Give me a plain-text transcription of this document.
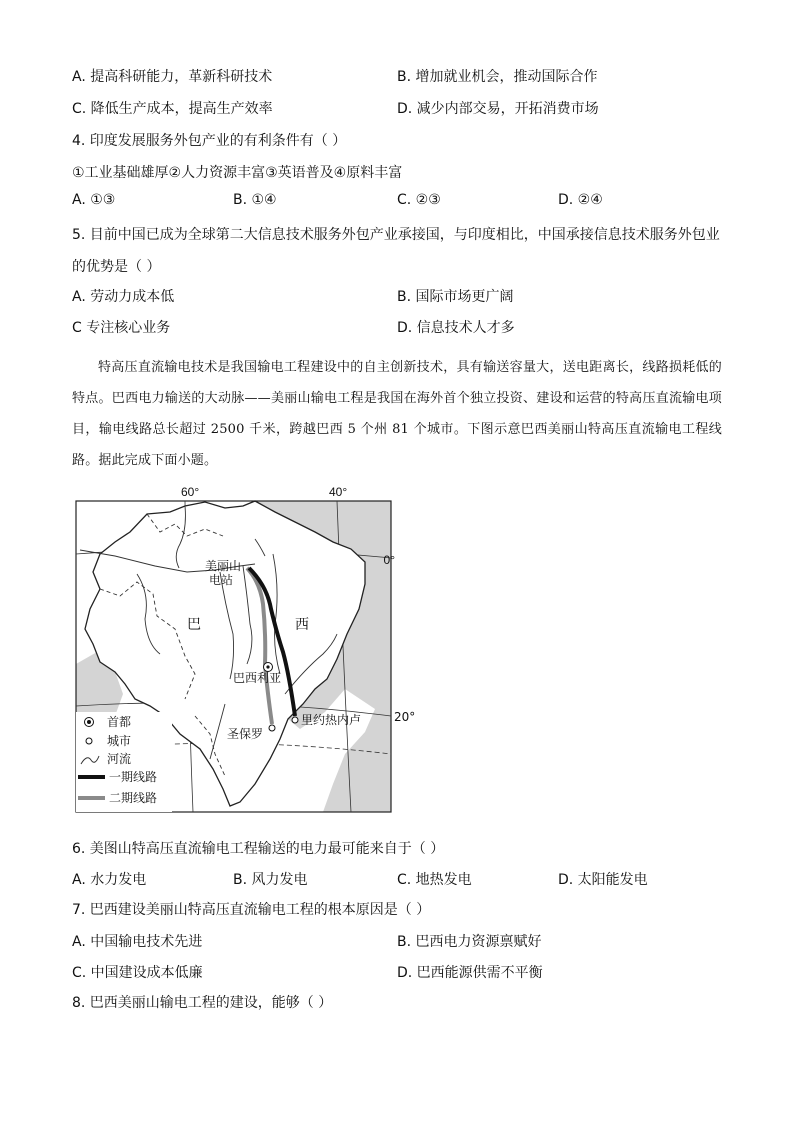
A. 提高科研能力，革新科研技术	B. 增加就业机会，推动国际合作
C. 降低生产成本，提高生产效率	D. 减少内部交易，开拓消费市场
4. 印度发展服务外包产业的有利条件有（ ）
①工业基础雄厚②人力资源丰富③英语普及④原料丰富
A. ①③	B. ①④	C. ②③	D. ②④
5. 目前中国已成为全球第二大信息技术服务外包产业承接国，与印度相比，中国承接信息技术服务外包业
的优势是（ ）
A. 劳动力成本低	B. 国际市场更广阔
C 专注核心业务	D. 信息技术人才多

特高压直流输电技术是我国输电工程建设中的自主创新技术，具有输送容量大，送电距离长，线路损耗低的特点。巴西电力输送的大动脉——美丽山输电工程是我国在海外首个独立投资、建设和运营的特高压直流输电项目，输电线路总长超过 2500 千米，跨越巴西 5 个州 81 个城市。下图示意巴西美丽山特高压直流输电工程线路。据此完成下面小题。

60°	40°
0°
美丽山
电站
巴	西
巴西利亚
圣保罗
里约热内卢
首都
城市
河流
一期线路
二期线路
20°
6. 美图山特高压直流输电工程输送的电力最可能来自于（ ）
A. 水力发电	B. 风力发电	C. 地热发电	D. 太阳能发电
7. 巴西建设美丽山特高压直流输电工程的根本原因是（ ）
A. 中国输电技术先进	B. 巴西电力资源禀赋好
C. 中国建设成本低廉	D. 巴西能源供需不平衡
8. 巴西美丽山输电工程的建设，能够（ ）
